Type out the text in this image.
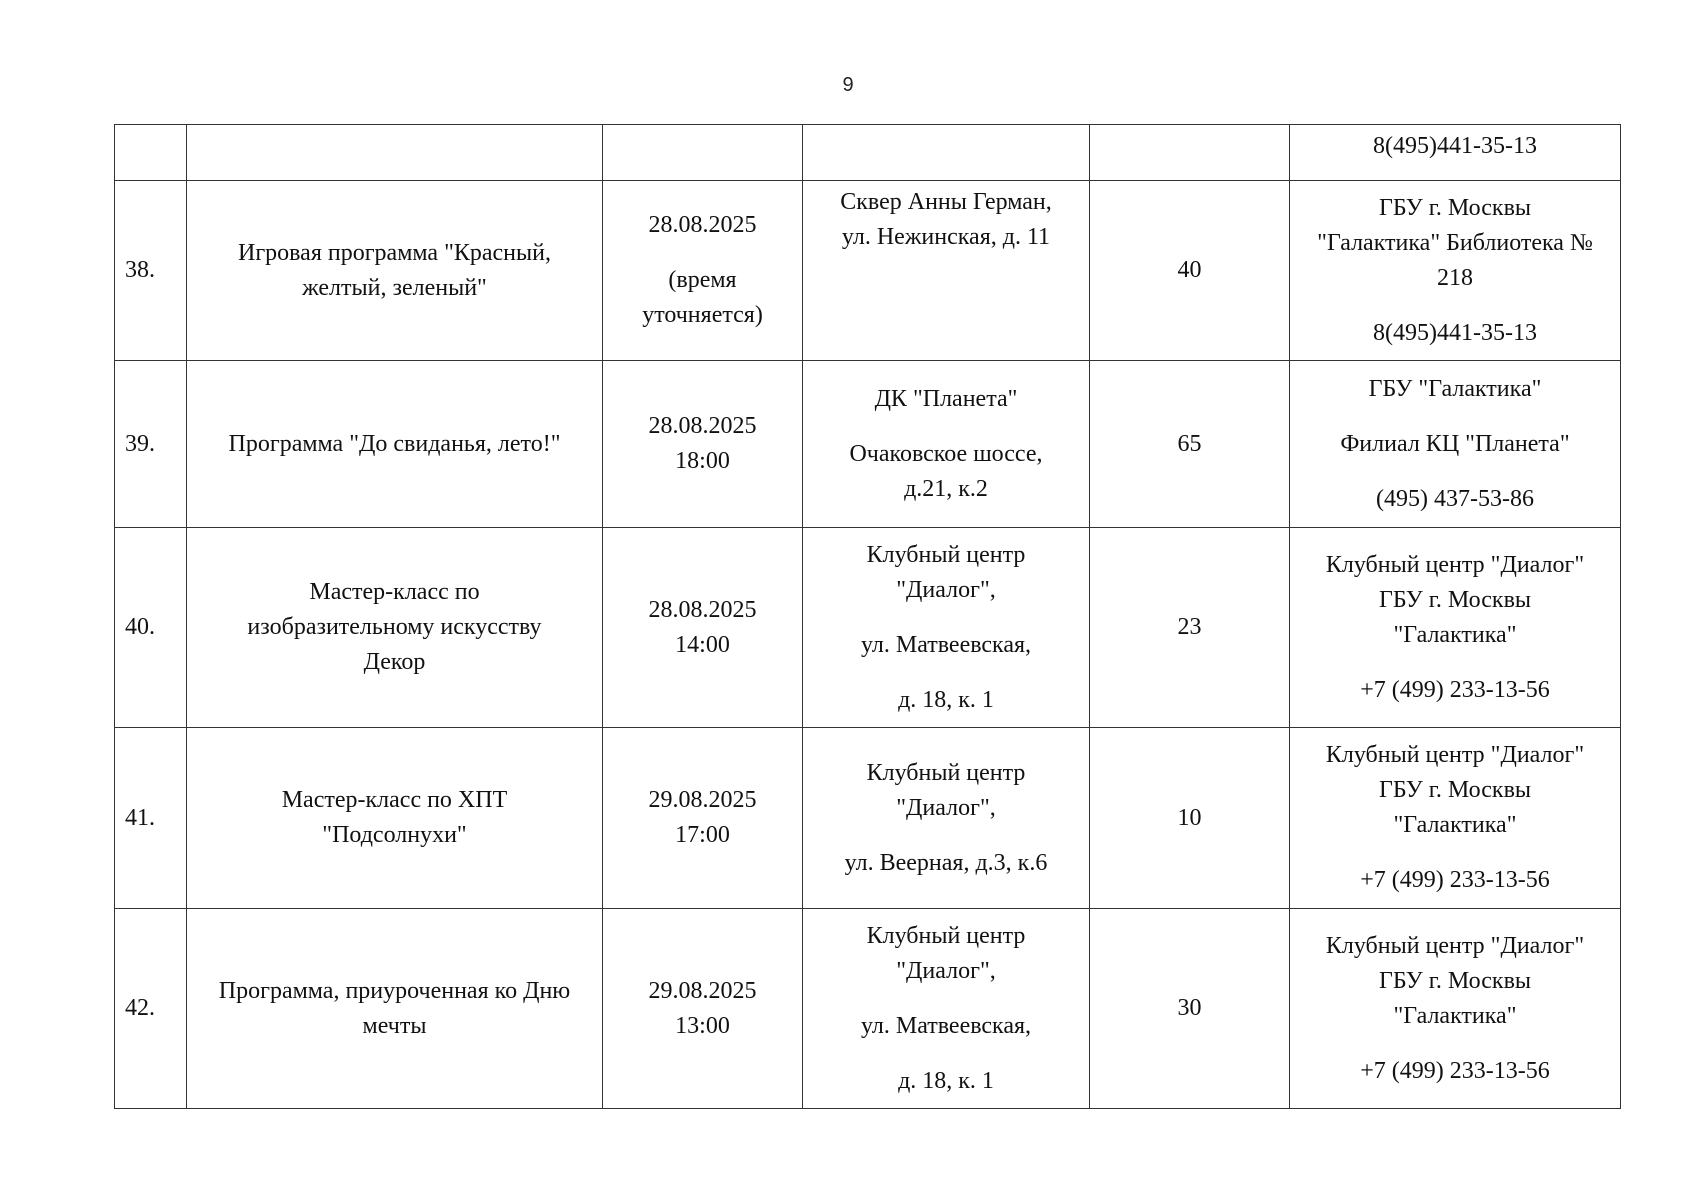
9

					8(495)441-35-13

38.	Игровая программа "Красный,
желтый, зеленый"	28.08.2025
(время
уточняется)	Сквер Анны Герман,
ул. Нежинская, д. 11	40	ГБУ г. Москвы
"Галактика" Библиотека №
218
8(495)441-35-13

39.	Программа "До свиданья, лето!"	28.08.2025
18:00	ДК "Планета"
Очаковское шоссе,
д.21, к.2	65	ГБУ "Галактика"
Филиал КЦ "Планета"
(495) 437-53-86

40.	Мастер-класс по
изобразительному искусству
Декор	28.08.2025
14:00	Клубный центр
"Диалог",
ул. Матвеевская,
д. 18, к. 1	23	Клубный центр "Диалог"
ГБУ г. Москвы
"Галактика"
+7 (499) 233-13-56

41.	Мастер-класс по ХПТ
"Подсолнухи"	29.08.2025
17:00	Клубный центр
"Диалог",
ул. Веерная, д.3, к.6	10	Клубный центр "Диалог"
ГБУ г. Москвы
"Галактика"
+7 (499) 233-13-56

42.	Программа, приуроченная ко Дню
мечты	29.08.2025
13:00	Клубный центр
"Диалог",
ул. Матвеевская,
д. 18, к. 1	30	Клубный центр "Диалог"
ГБУ г. Москвы
"Галактика"
+7 (499) 233-13-56
